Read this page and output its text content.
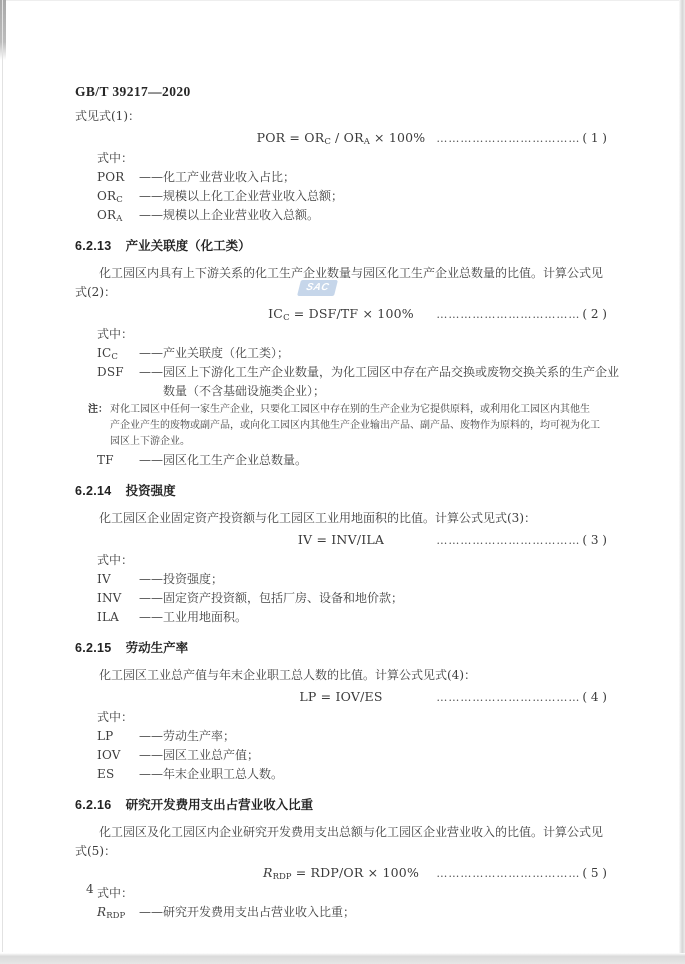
SAC
GB/T 39217—2020
式见式(1)：
POR = $OR_C / OR_A \times 100\%$ ……………………………… ( 1 )
式中：
POR	——化工产业营业收入占比；
$OR_C$	——规模以上化工企业营业收入总额；
$OR_A$	——规模以上企业营业收入总额。
6.2.13 产业关联度（化工类）
化工园区内具有上下游关系的化工生产企业数量与园区化工生产企业总数量的比值。计算公式见
式(2)：
$IC_C = DSF/TF \times 100\%$ ……………………………… ( 2 )
式中：
$IC_C$	——产业关联度（化工类）；
DSF	——园区上下游化工生产企业数量，为化工园区中存在产品交换或废物交换关系的生产企业
数量（不含基础设施类企业）；
注： 对化工园区中任何一家生产企业，只要化工园区中存在别的生产企业为它提供原料，或利用化工园区内其他生
产企业产生的废物或副产品，或向化工园区内其他生产企业输出产品、副产品、废物作为原料的，均可视为化工
园区上下游企业。
TF	——园区化工生产企业总数量。
6.2.14 投资强度
化工园区企业固定资产投资额与化工园区工业用地面积的比值。计算公式见式(3)：
IV = INV/ILA	……………………………… ( 3 )
式中：
IV	——投资强度；
INV	——固定资产投资额，包括厂房、设备和地价款；
ILA	——工业用地面积。
6.2.15 劳动生产率
化工园区工业总产值与年末企业职工总人数的比值。计算公式见式(4)：
LP = IOV/ES	……………………………… ( 4 )
式中：
LP	——劳动生产率；
IOV	——园区工业总产值；
ES	——年末企业职工总人数。
6.2.16 研究开发费用支出占营业收入比重
化工园区及化工园区内企业研究开发费用支出总额与化工园区企业营业收入的比值。计算公式见
式(5)：
$R_{RDP} = RDP/OR \times 100\%$ ……………………………… ( 5 )
式中：
$R_{RDP}$	——研究开发费用支出占营业收入比重；
4
